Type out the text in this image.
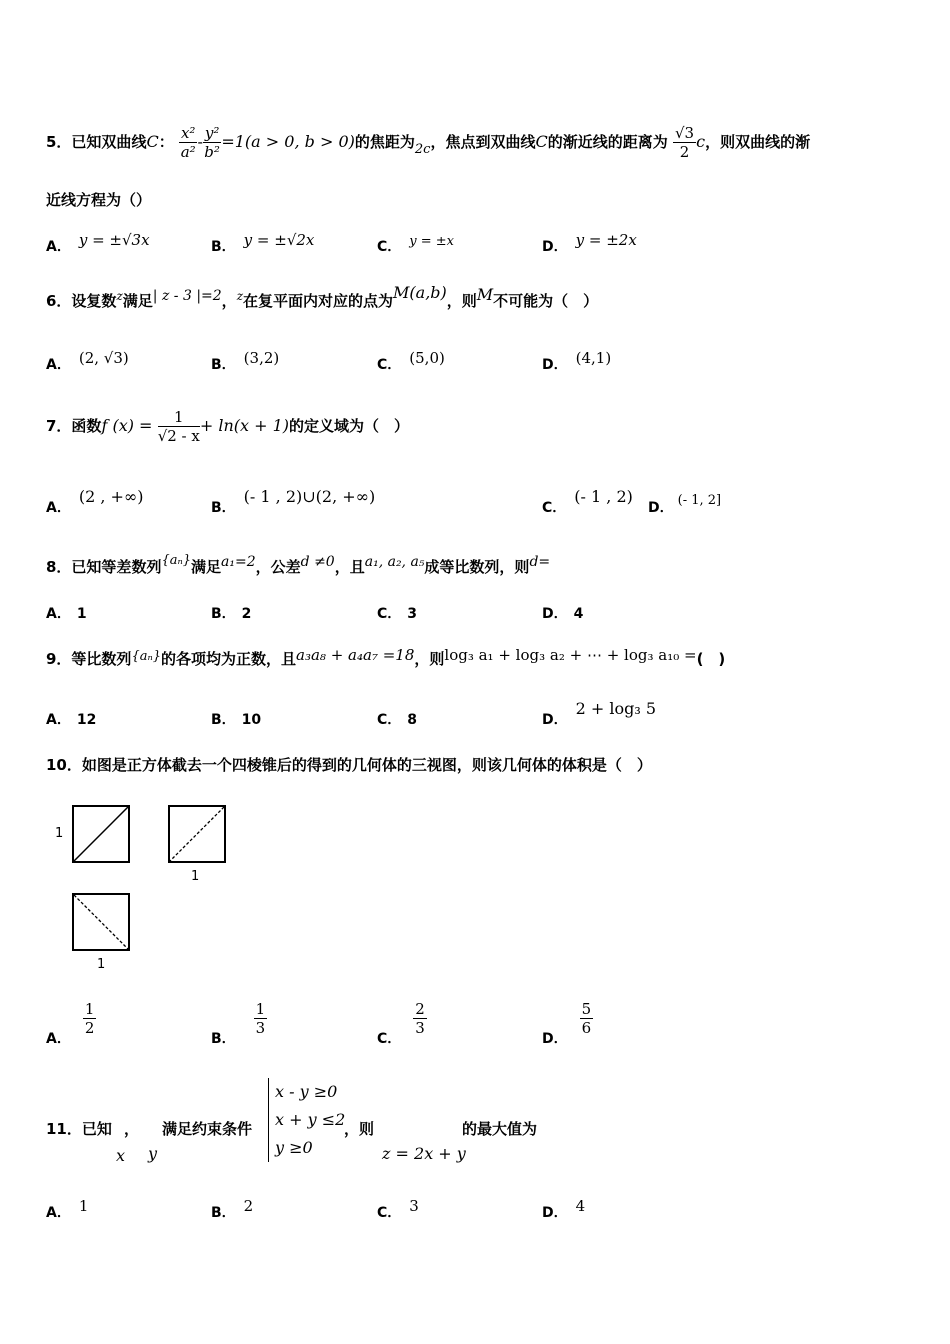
5．已知双曲线C： $\frac{\text{x²}}{\text{a²}} - \frac{\text{y²}}{\text{b²}} =1(a > 0$, b > 0)的焦距为2c，焦点到双曲线C的渐近线的距离为 $\frac{√3}{2}$ c，则双曲线的渐
近线方程为（）
A． y = ±√3x	B． y = ±√2x	C． y = ±x	D． y = ±2x
6．设复数$^z$满足| z - 3 |=2，$^z$在复平面内对应的点为M(a,b)，则M不可能为（　）
A． (2, √3)	B． (3,2)	C． (5,0)	D． (4,1)
7．函数f $(x) = \frac{1}{√2 - x} + \ln(x + 1)$的定义域为（　）
A．(2 , +∞)
B．(- 1 , 2)∪(2, +∞)
C．(- 1 , 2)
D． (- 1, 2]
8．已知等差数列{aₙ}满足a₁=2，公差d ≠0，且a₁, a₂, a₅成等比数列，则d=
A． 1	B． 2	C． 3	D． 4
9．等比数列{aₙ}的各项均为正数，且a₃a₈ + a₄a₇ =18，则log₃ a₁ + log₃ a₂ + ⋯ + log₃ a₁₀ =(　)
A． 12	B． 10	C． 8	D．2 + log₃ 5
10．如图是正方体截去一个四棱锥后的得到的几何体的三视图，则该几何体的体积是（　）
1
1
1
A．
$\frac{1}{2}$
B．
$\frac{1}{3}$
C．
$\frac{2}{3}$
D．
$\frac{5}{6}$
11．已知 ， 满足约束条件	，则	的最大值为
x y
x - y ≥0
x + y ≤2
y ≥0	z = 2x + y
A． 1	B． 2	C． 3	D． 4
